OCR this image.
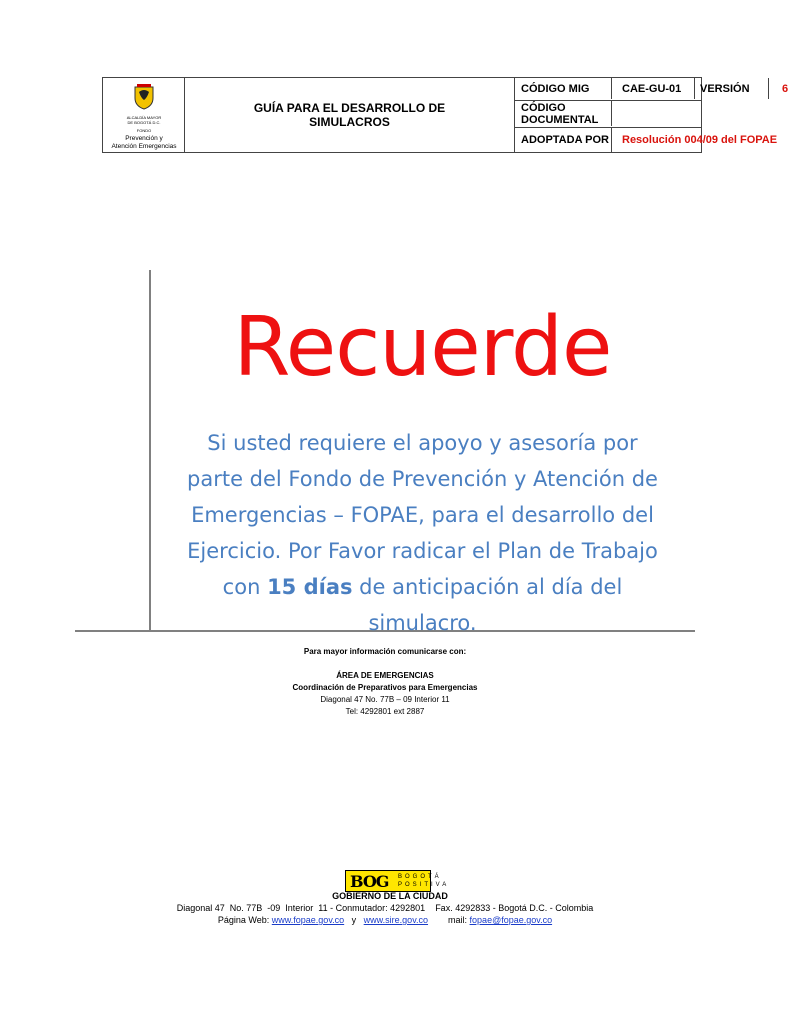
ALCALDÍA MAYOR
DE BOGOTÁ D.C.
FONDO
Prevención y
Atención Emergencias
GUÍA PARA EL DESARROLLO DE SIMULACROS
CÓDIGO MIG	CAE-GU-01 VERSIÓN	6
CÓDIGO
DOCUMENTAL
ADOPTADA POR Resolución 004/09 del FOPAE
Recuerde
Si usted requiere el apoyo y asesoría por
parte del Fondo de Prevención y Atención de
Emergencias – FOPAE, para el desarrollo del
Ejercicio. Por Favor radicar el Plan de Trabajo
con 15 días de anticipación al día del
simulacro.
Para mayor información comunicarse con:
ÁREA DE EMERGENCIAS
Coordinación de Preparativos para Emergencias
Diagonal 47 No. 77B – 09 Interior 11
Tel: 4292801 ext 2887
BOG BOGOTÁ
POSITIVA
GOBIERNO DE LA CIUDAD
Diagonal 47  No. 77B  -09  Interior  11 - Conmutador: 4292801    Fax. 4292833 - Bogotá D.C. - Colombia
Página Web: www.fopae.gov.co   y   www.sire.gov.co        mail: fopae@fopae.gov.co
